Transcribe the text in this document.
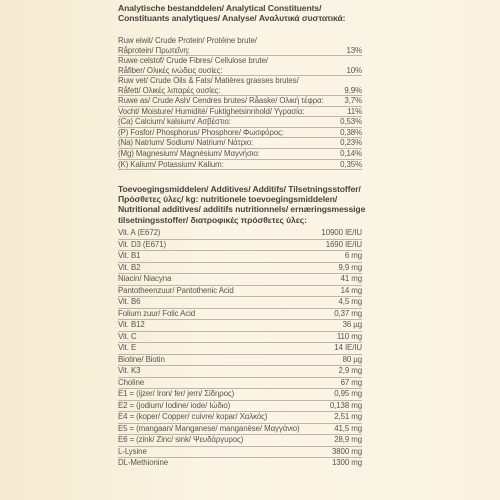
Analytische bestanddelen/ Analytical Constituents/
Constituants analytiques/ Analyse/ Αναλυτικά συστατικά:
Ruw eiwit/ Crude Protein/ Protéine brute/
Råprotein/ Πρωτεΐνη:	13%
Ruwe celstof/ Crude Fibres/ Cellulose brute/
Råfiber/ Ολικές ινώδεις ουσίες:	10%
Ruw vet/ Crude Oils & Fats/ Matières grasses brutes/
Råfett/ Ολικές λιπαρές ουσίες:	9,9%
Ruwe as/ Crude Ash/ Cendres brutes/ Råaske/ Ολική τέφρα:	3,7%
Vocht/ Moisture/ Humidité/ Fuktighetsinnhold/ Υγρασία:	11%
(Ca) Calcium/ kalsium/ Ασβέστιο:	0,53%
(P) Fosfor/ Phosphorus/ Phosphore/ Φωσφόρος:	0,38%
(Na) Natrium/ Sodium/ Natrium/ Νάτριο:	0,23%
(Mg) Magnesium/ Magnésium/ Μαγνήσιο:	0,14%
(K) Kalium/ Potassium/ Kalium:	0,35%
Toevoegingsmiddelen/ Additives/ Additifs/ Tilsetningsstoffer/
Πρόσθετες ύλες/ kg: nutritionele toevoegingsmiddelen/
Nutritional additives/ additifs nutritionnels/ ernæringsmessige
tilsetningsstoffer/ διατροφικές πρόσθετες ύλες:
Vit. A (E672)	10900 IE/IU
Vit. D3 (E671)	1690 IE/IU
Vit. B1	6 mg
Vit. B2	9,9 mg
Niacin/ Niacyna	41 mg
Pantotheenzuur/ Pantothenic Acid	14 mg
Vit. B6	4,5 mg
Folium zuur/ Folic Acid	0,37 mg
Vit. B12	36 µg
Vit. C	110 mg
Vit. E	14 IE/IU
Biotine/ Biotin	80 µg
Vit. K3	2,9 mg
Choline	67 mg
E1 = (ijzer/ Iron/ fer/ jern/ Σίδηρος)	0,95 mg
E2 = (jodium/ Iodine/ iode/ Ιώδιο)	0,138 mg
E4 = (koper/ Copper/ cuivre/ kopar/ Χαλκός)	2,51 mg
E5 = (mangaan/ Manganese/ manganèse/ Μαγγάνιο)	41,5 mg
E6 = (zink/ Zinc/ sink/ Ψευδάργυρος)	28,9 mg
L-Lysine	3800 mg
DL-Methionine	1300 mg
